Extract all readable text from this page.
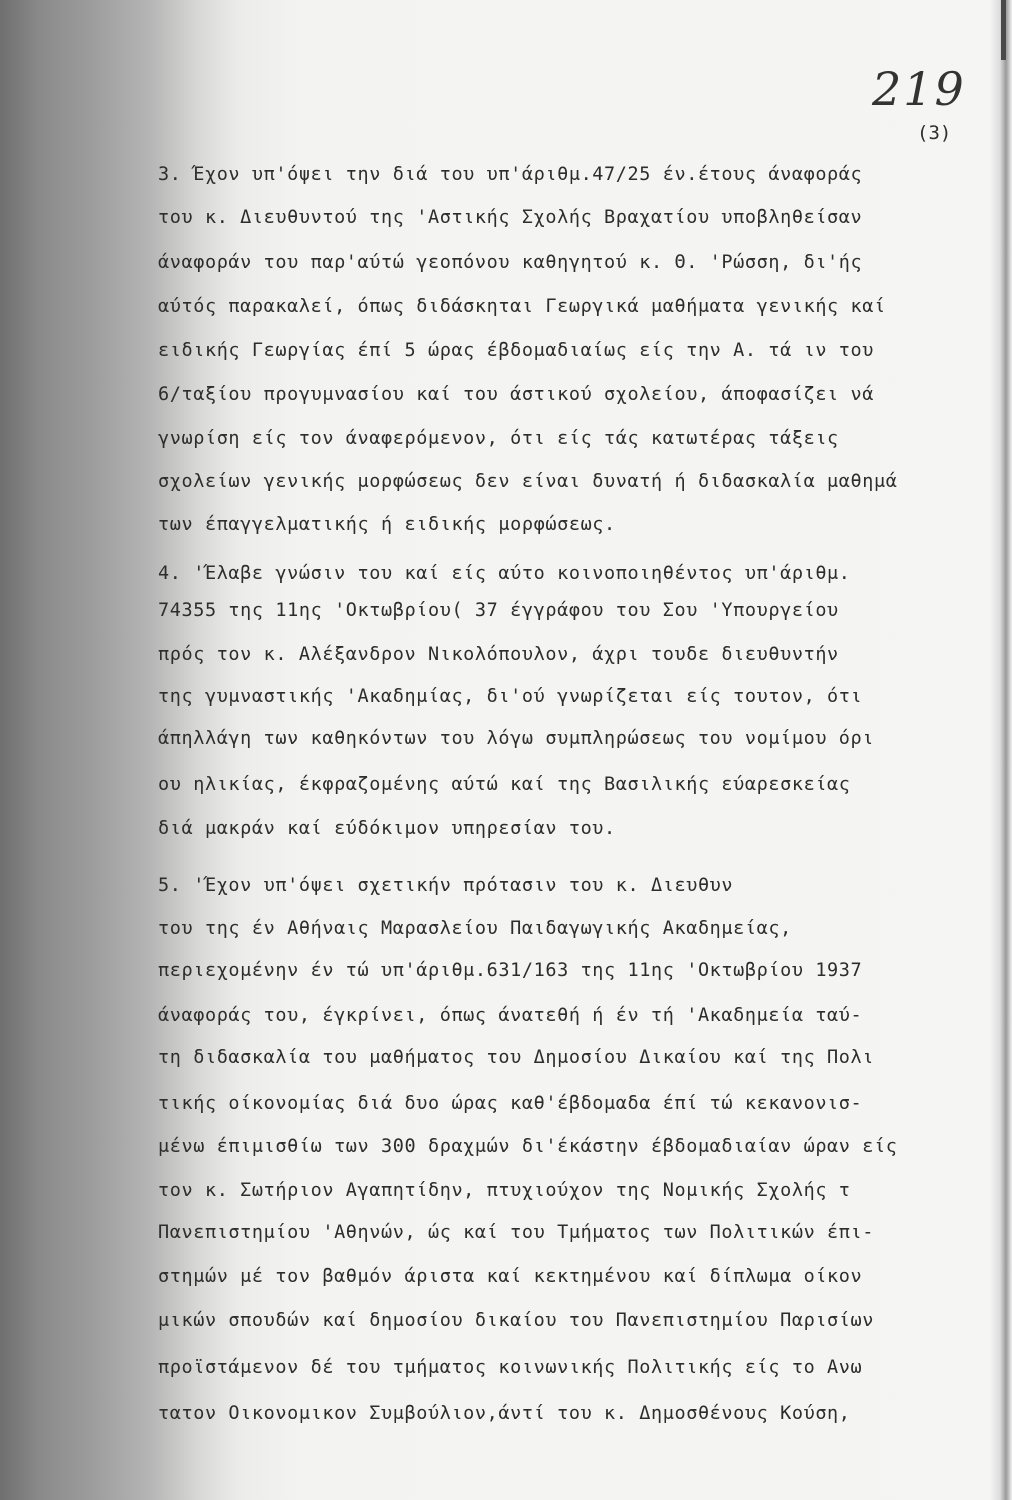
219
(3)
3. Έχον υπ'όψει την διά του υπ'άριθμ.47/25 έν.έτους άναφοράς
του κ. Διευθυντού της 'Αστικής Σχολής Βραχατίου υποβληθείσαν
άναφοράν του παρ'αύτώ γεοπόνου καθηγητού κ. Θ. 'Ρώσση, δι'ής
αύτός παρακαλεί, όπως διδάσκηται Γεωργικά μαθήματα γενικής καί
ειδικής Γεωργίας έπί 5 ώρας έβδομαδιαίως είς την Α. τά ιν του
6/ταξίου προγυμνασίου καί του άστικού σχολείου, άποφασίζει νά
γνωρίση είς τον άναφερόμενον, ότι είς τάς κατωτέρας τάξεις
σχολείων γενικής μορφώσεως δεν είναι δυνατή ή διδασκαλία μαθημά
των έπαγγελματικής ή ειδικής μορφώσεως.
4. 'Έλαβε γνώσιν του καί είς αύτο κοινοποιηθέντος υπ'άριθμ.
74355 της 11ης 'Οκτωβρίου( 37 έγγράφου του Σου 'Υπουργείου
πρός τον κ. Αλέξανδρον Νικολόπουλον, άχρι τουδε διευθυντήν
της γυμναστικής 'Ακαδημίας, δι'ού γνωρίζεται είς τουτον, ότι
άπηλλάγη των καθηκόντων του λόγω συμπληρώσεως του νομίμου όρι
ου ηλικίας, έκφραζομένης αύτώ καί της Βασιλικής εύαρεσκείας
διά μακράν καί εύδόκιμον υπηρεσίαν του.
5. 'Έχον υπ'όψει σχετικήν πρότασιν του κ. Διευθυν
του της έν Αθήναις Μαρασλείου Παιδαγωγικής Ακαδημείας,
περιεχομένην έν τώ υπ'άριθμ.631/163 της 11ης 'Οκτωβρίου 1937
άναφοράς του, έγκρίνει, όπως άνατεθή ή έν τή 'Ακαδημεία ταύ-
τη διδασκαλία του μαθήματος του Δημοσίου Δικαίου καί της Πολι
τικής οίκονομίας διά δυο ώρας καθ'έβδομαδα έπί τώ κεκανονισ-
μένω έπιμισθίω των 300 δραχμών δι'έκάστην έβδομαδιαίαν ώραν είς
τον κ. Σωτήριον Αγαπητίδην, πτυχιούχον της Νομικής Σχολής τ
Πανεπιστημίου 'Αθηνών, ώς καί του Τμήματος των Πολιτικών έπι-
στημών μέ τον βαθμόν άριστα καί κεκτημένου καί δίπλωμα οίκον
μικών σπουδών καί δημοσίου δικαίου του Πανεπιστημίου Παρισίων
προϊστάμενον δέ του τμήματος κοινωνικής Πολιτικής είς το Ανω
τατον Οικονομικον Συμβούλιον,άντί του κ. Δημοσθένους Κούση,
